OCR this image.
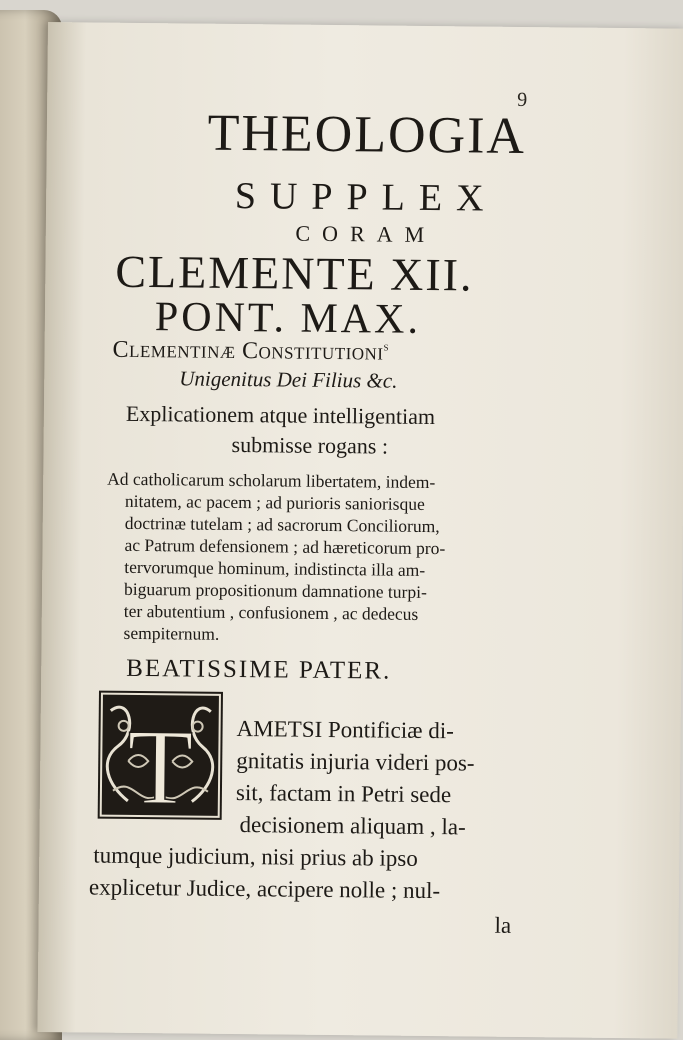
THEOLOGIA
9
SUPPLEX
CORAM
CLEMENTE XII.
PONT. MAX.
Clementinæ Constitutioni$^s$
Unigenitus Dei Filius &c.
Explicationem atque intelligentiam
submisse rogans :
Ad catholicarum scholarum libertatem, indem-
nitatem, ac pacem ; ad purioris saniorisque
doctrinæ tutelam ; ad sacrorum Conciliorum,
ac Patrum defensionem ; ad hæreticorum pro-
tervorumque hominum, indistincta illa am-
biguarum propositionum damnatione turpi-
ter abutentium , confusionem , ac dedecus
sempiternum.
BEATISSIME PATER.
T AMETSI Pontificiæ di-
gnitatis injuria videri pos-
sit, factam in Petri sede
decisionem aliquam , la-
tumque judicium, nisi prius ab ipso
explicetur Judice, accipere nolle ; nul-
la
